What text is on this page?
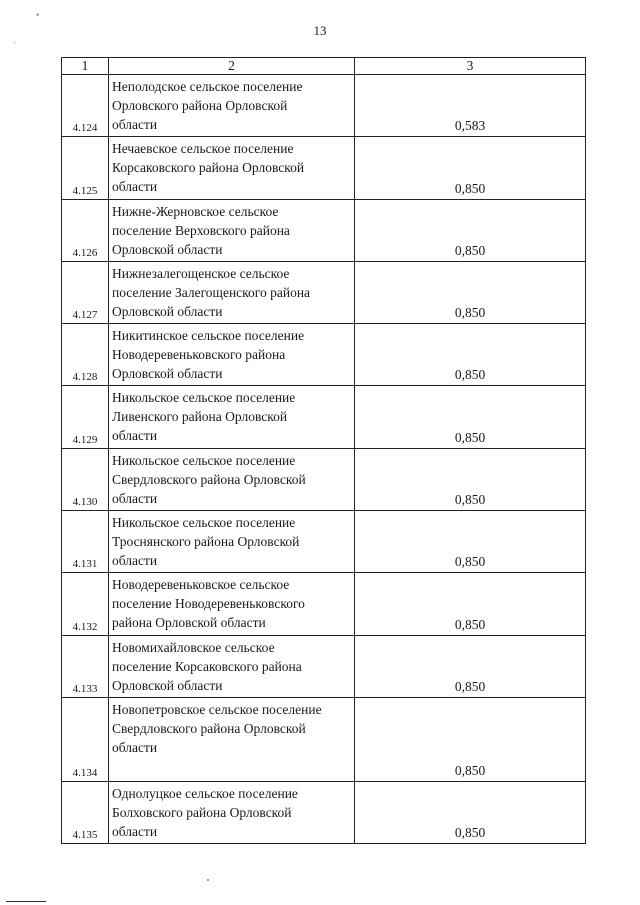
•
'
13
1	2	3
4.124	Неполодское сельское поселение
Орловского района Орловской
области	0,583
4.125	Нечаевское сельское поселение
Корсаковского района Орловской
области	0,850
4.126	Нижне-Жерновское сельское
поселение Верховского района
Орловской области	0,850
4.127	Нижнезалегощенское сельское
поселение Залегощенского района
Орловской области	0,850
4.128	Никитинское сельское поселение
Новодеревеньковского района
Орловской области	0,850
4.129	Никольское сельское поселение
Ливенского района Орловской
области	0,850
4.130	Никольское сельское поселение
Свердловского района Орловской
области	0,850
4.131	Никольское сельское поселение
Троснянского района Орловской
области	0,850
4.132	Новодеревеньковское сельское
поселение Новодеревеньковского
района Орловской области	0,850
4.133	Новомихайловское сельское
поселение Корсаковского района
Орловской области	0,850
4.134	Новопетровское сельское поселение
Свердловского района Орловской
области	0,850
4.135	Однолуцкое сельское поселение
Болховского района Орловской
области	0,850
